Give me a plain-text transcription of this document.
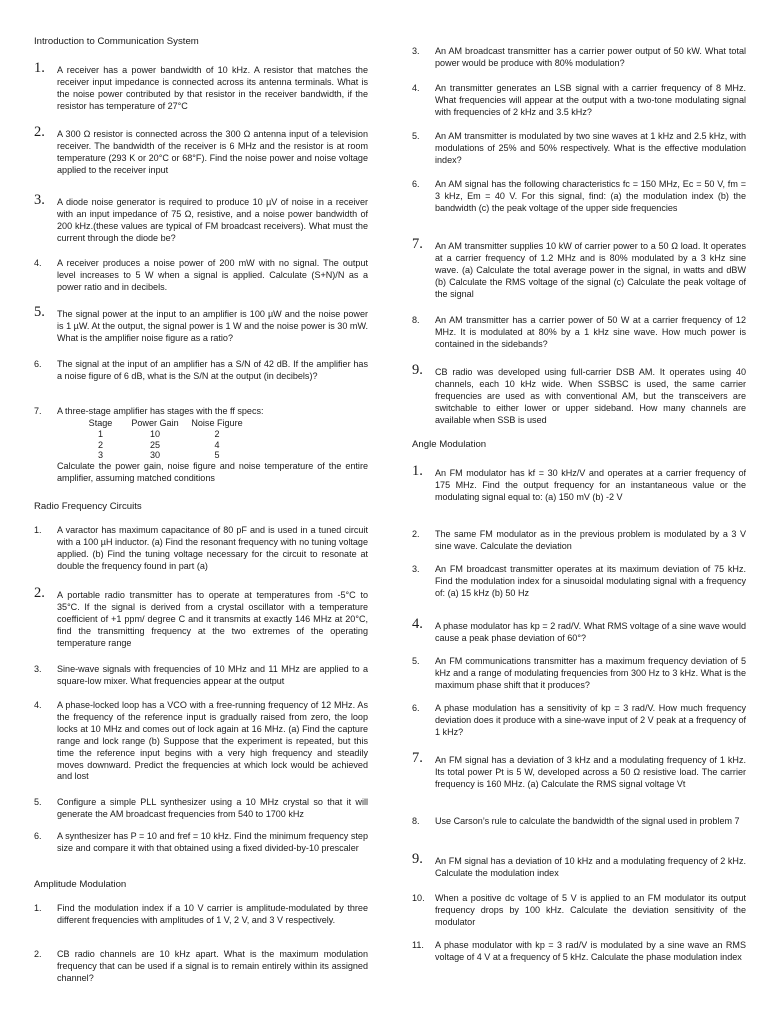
Introduction to Communication System
1.	A receiver has a power bandwidth of 10 kHz. A resistor that matches the receiver input impedance is connected across its antenna terminals. What is the noise power contributed by that resistor in the receiver bandwidth, if the resistor has temperature of 27°C
2.	A 300 Ω resistor is connected across the 300 Ω antenna input of a television receiver. The bandwidth of the receiver is 6 MHz and the resistor is at room temperature (293 K or 20°C or 68°F). Find the noise power and noise voltage applied to the receiver input
3.	A diode noise generator is required to produce 10 µV of noise in a receiver with an input impedance of 75 Ω, resistive, and a noise power bandwidth of 200 kHz.(these values are typical of FM broadcast receivers). What must the current through the diode be?
4.	A receiver produces a noise power of 200 mW with no signal. The output level increases to 5 W when a signal is applied. Calculate (S+N)/N as a power ratio and in decibels.
5.	The signal power at the input to an amplifier is 100 µW and the noise power is 1 µW. At the output, the signal power is 1 W and the noise power is 30 mW. What is the amplifier noise figure as a ratio?
6.	The signal at the input of an amplifier has a S/N of 42 dB. If the amplifier has a noise figure of 6 dB, what is the S/N at the output (in decibels)?
7.	A three-stage amplifier has stages with the ff specs:
Stage	Power Gain	Noise Figure
1	10	2
2	25	4
3	30	5
Calculate the power gain, noise figure and noise temperature of the entire amplifier, assuming matched conditions
Radio Frequency Circuits
1.	A varactor has maximum capacitance of 80 pF and is used in a tuned circuit with a 100 µH inductor. (a) Find the resonant frequency with no tuning voltage applied. (b) Find the tuning voltage necessary for the circuit to resonate at double the frequency found in part (a)
2.	A portable radio transmitter has to operate at temperatures from -5°C to 35°C. If the signal is derived from a crystal oscillator with a temperature coefficient of +1 ppm/ degree C and it transmits at exactly 146 MHz at 20°C, find the transmitting frequency at the two extremes of the operating temperature range
3.	Sine-wave signals with frequencies of 10 MHz and 11 MHz are applied to a square-low mixer. What frequencies appear at the output
4.	A phase-locked loop has a VCO with a free-running frequency of 12 MHz. As the frequency of the reference input is gradually raised from zero, the loop locks at 10 MHz and comes out of lock again at 16 MHz. (a) Find the capture range and lock range (b) Suppose that the experiment is repeated, but this time the reference input begins with a very high frequency and steadily moves downward. Predict the frequencies at which lock would be achieved and lost
5.	Configure a simple PLL synthesizer using a 10 MHz crystal so that it will generate the AM broadcast frequencies from 540 to 1700 kHz
6.	A synthesizer has P = 10 and fref = 10 kHz. Find the minimum frequency step size and compare it with that obtained using a fixed divided-by-10 prescaler
Amplitude Modulation
1.	Find the modulation index if a 10 V carrier is amplitude-modulated by three different frequencies with amplitudes of 1 V, 2 V, and 3 V respectively.
2.	CB radio channels are 10 kHz apart. What is the maximum modulation frequency that can be used if a signal is to remain entirely within its assigned channel?
3.	An AM broadcast transmitter has a carrier power output of 50 kW. What total power would be produce with 80% modulation?
4.	An transmitter generates an LSB signal with a carrier frequency of 8 MHz. What frequencies will appear at the output with a two-tone modulating signal with frequencies of 2 kHz and 3.5 kHz?
5.	An AM transmitter is modulated by two sine waves at 1 kHz and 2.5 kHz, with modulations of 25% and 50% respectively. What is the effective modulation index?
6.	An AM signal has the following characteristics fc = 150 MHz, Ec = 50 V, fm = 3 kHz, Em = 40 V. For this signal, find: (a) the modulation index (b) the bandwidth (c) the peak voltage of the upper side frequencies
7.	An AM transmitter supplies 10 kW of carrier power to a 50 Ω load. It operates at a carrier frequency of 1.2 MHz and is 80% modulated by a 3 kHz sine wave. (a) Calculate the total average power in the signal, in watts and dBW (b) Calculate the RMS voltage of the signal (c) Calculate the peak voltage of the signal
8.	An AM transmitter has a carrier power of 50 W at a carrier frequency of 12 MHz. It is modulated at 80% by a 1 kHz sine wave. How much power is contained in the sidebands?
9.	CB radio was developed using full-carrier DSB AM. It operates using 40 channels, each 10 kHz wide. When SSBSC is used, the same carrier frequencies are used as with conventional AM, but the transceivers are switchable to either lower or upper sideband. How many channels are available when SSB is used
Angle Modulation
1.	An FM modulator has kf = 30 kHz/V and operates at a carrier frequency of 175 MHz. Find the output frequency for an instantaneous value or the modulating signal equal to: (a) 150 mV (b) -2 V
2.	The same FM modulator as in the previous problem is modulated by a 3 V sine wave. Calculate the deviation
3.	An FM broadcast transmitter operates at its maximum deviation of 75 kHz. Find the modulation index for a sinusoidal modulating signal with a frequency of: (a) 15 kHz (b) 50 Hz
4.	A phase modulator has kp = 2 rad/V. What RMS voltage of a sine wave would cause a peak phase deviation of 60°?
5.	An FM communications transmitter has a maximum frequency deviation of 5 kHz and a range of modulating frequencies from 300 Hz to 3 kHz. What is the maximum phase shift that it produces?
6.	A phase modulation has a sensitivity of kp = 3 rad/V. How much frequency deviation does it produce with a sine-wave input of 2 V peak at a frequency of 1 kHz?
7.	An FM signal has a deviation of 3 kHz and a modulating frequency of 1 kHz. Its total power Pt is 5 W, developed across a 50 Ω resistive load. The carrier frequency is 160 MHz. (a) Calculate the RMS signal voltage Vt
8.	Use Carson’s rule to calculate the bandwidth of the signal used in problem 7
9.	An FM signal has a deviation of 10 kHz and a modulating frequency of 2 kHz. Calculate the modulation index
10.	When a positive dc voltage of 5 V is applied to an FM modulator its output frequency drops by 100 kHz. Calculate the deviation sensitivity of the modulator
11.	A phase modulator with kp = 3 rad/V is modulated by a sine wave an RMS voltage of 4 V at a frequency of 5 kHz. Calculate the phase modulation index
